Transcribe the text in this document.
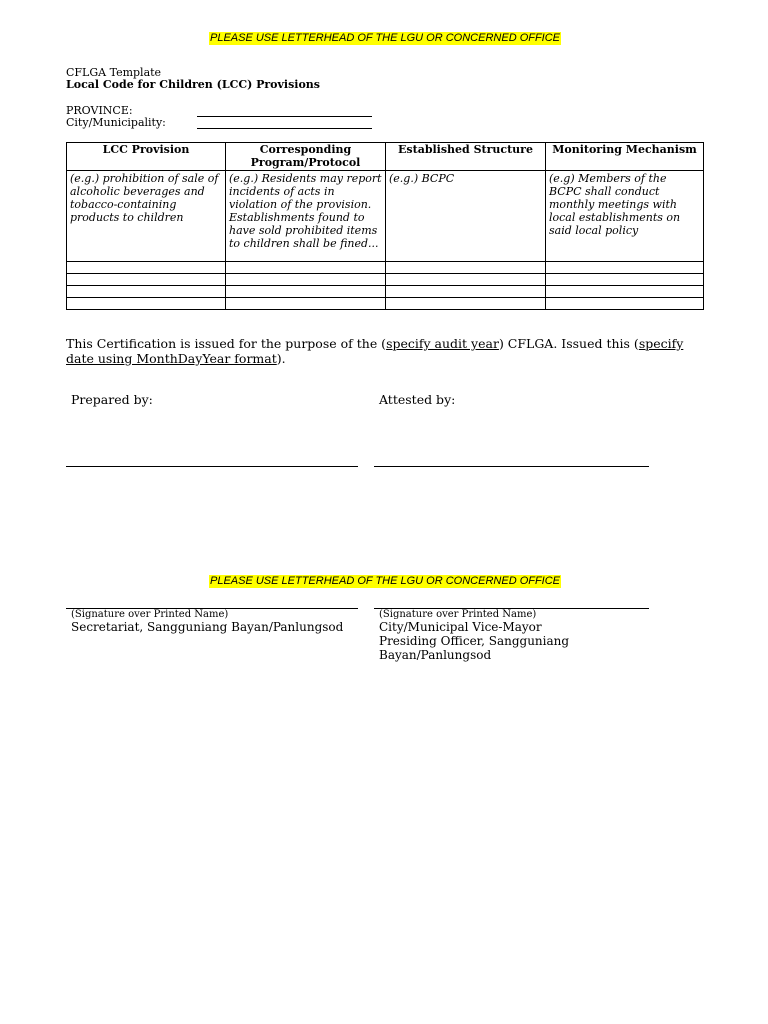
PLEASE USE LETTERHEAD OF THE LGU OR CONCERNED OFFICE
CFLGA Template
Local Code for Children (LCC) Provisions
PROVINCE:
City/Municipality:
LCC Provision	Corresponding Program/Protocol	Established Structure	Monitoring Mechanism
(e.g.) prohibition of sale of alcoholic beverages and tobacco-containing products to children	(e.g.) Residents may report incidents of acts in violation of the provision. Establishments found to have sold prohibited items to children shall be fined...	(e.g.) BCPC	(e.g) Members of the BCPC shall conduct monthly meetings with local establishments on said local policy

This Certification is issued for the purpose of the (specify audit year) CFLGA. Issued this (specify date using MonthDayYear format).
Prepared by:	Attested by:
PLEASE USE LETTERHEAD OF THE LGU OR CONCERNED OFFICE
(Signature over Printed Name)
Secretariat, Sangguniang Bayan/Panlungsod
(Signature over Printed Name)
City/Municipal Vice-Mayor
Presiding Officer, Sangguniang Bayan/Panlungsod
